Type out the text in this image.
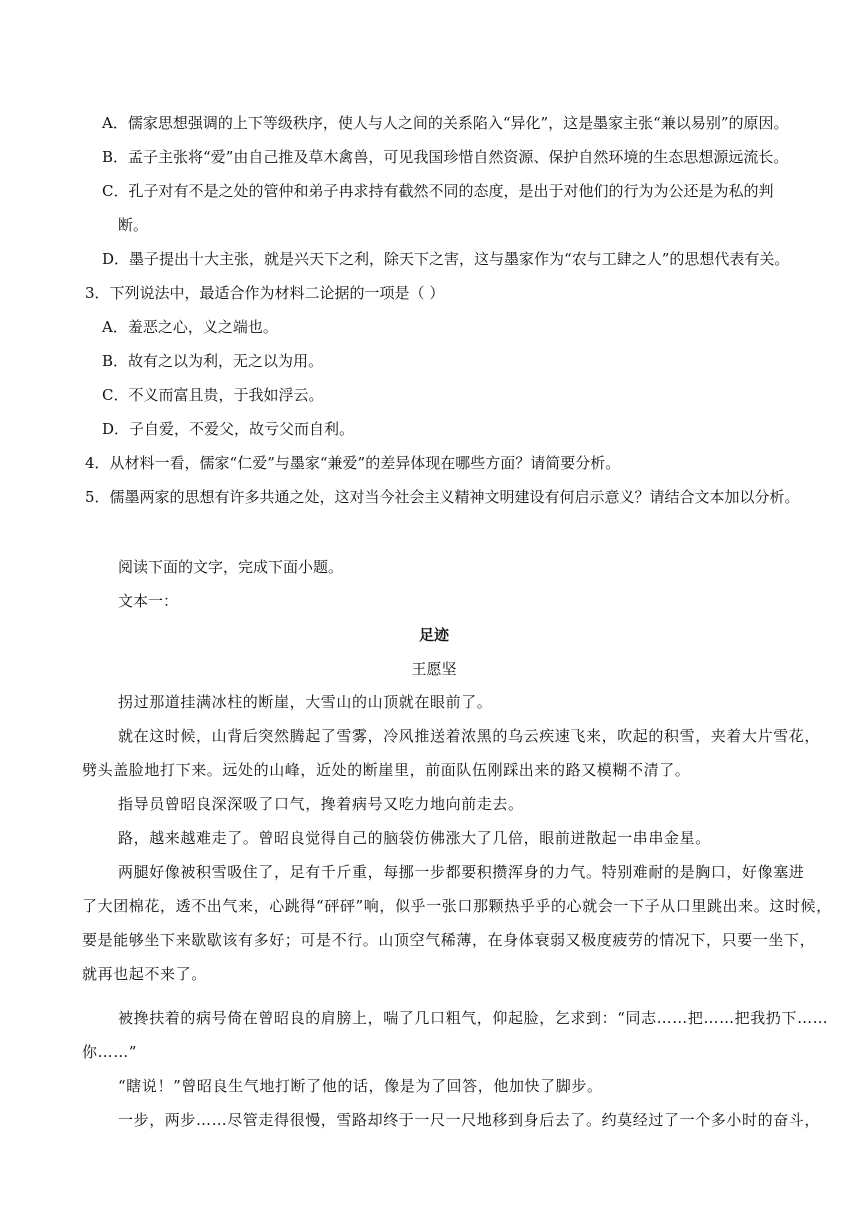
A．儒家思想强调的上下等级秩序，使人与人之间的关系陷入“异化”，这是墨家主张“兼以易别”的原因。
B．孟子主张将“爱”由自己推及草木禽兽，可见我国珍惜自然资源、保护自然环境的生态思想源远流长。
C．孔子对有不是之处的管仲和弟子冉求持有截然不同的态度，是出于对他们的行为为公还是为私的判
断。
D．墨子提出十大主张，就是兴天下之利，除天下之害，这与墨家作为“农与工肆之人”的思想代表有关。
3．下列说法中，最适合作为材料二论据的一项是（ ）
A．羞恶之心，义之端也。
B．故有之以为利，无之以为用。
C．不义而富且贵，于我如浮云。
D．子自爱，不爱父，故亏父而自利。
4．从材料一看，儒家“仁爱”与墨家“兼爱”的差异体现在哪些方面？请简要分析。
5．儒墨两家的思想有许多共通之处，这对当今社会主义精神文明建设有何启示意义？请结合文本加以分析。
阅读下面的文字，完成下面小题。
文本一：
足迹
王愿坚
拐过那道挂满冰柱的断崖，大雪山的山顶就在眼前了。
就在这时候，山背后突然腾起了雪雾，冷风推送着浓黑的乌云疾速飞来，吹起的积雪，夹着大片雪花，
劈头盖脸地打下来。远处的山峰，近处的断崖里，前面队伍刚踩出来的路又模糊不清了。
指导员曾昭良深深吸了口气，搀着病号又吃力地向前走去。
路，越来越难走了。曾昭良觉得自己的脑袋仿佛涨大了几倍，眼前迸散起一串串金星。
两腿好像被积雪吸住了，足有千斤重，每挪一步都要积攒浑身的力气。特别难耐的是胸口，好像塞进
了大团棉花，透不出气来，心跳得“砰砰”响，似乎一张口那颗热乎乎的心就会一下子从口里跳出来。这时候，
要是能够坐下来歇歇该有多好；可是不行。山顶空气稀薄，在身体衰弱又极度疲劳的情况下，只要一坐下，
就再也起不来了。
被搀扶着的病号倚在曾昭良的肩膀上，喘了几口粗气，仰起脸，乞求到：“同志……把……把我扔下……
你……”
“瞎说！”曾昭良生气地打断了他的话，像是为了回答，他加快了脚步。
一步，两步……尽管走得很慢，雪路却终于一尺一尺地移到身后去了。约莫经过了一个多小时的奋斗，
